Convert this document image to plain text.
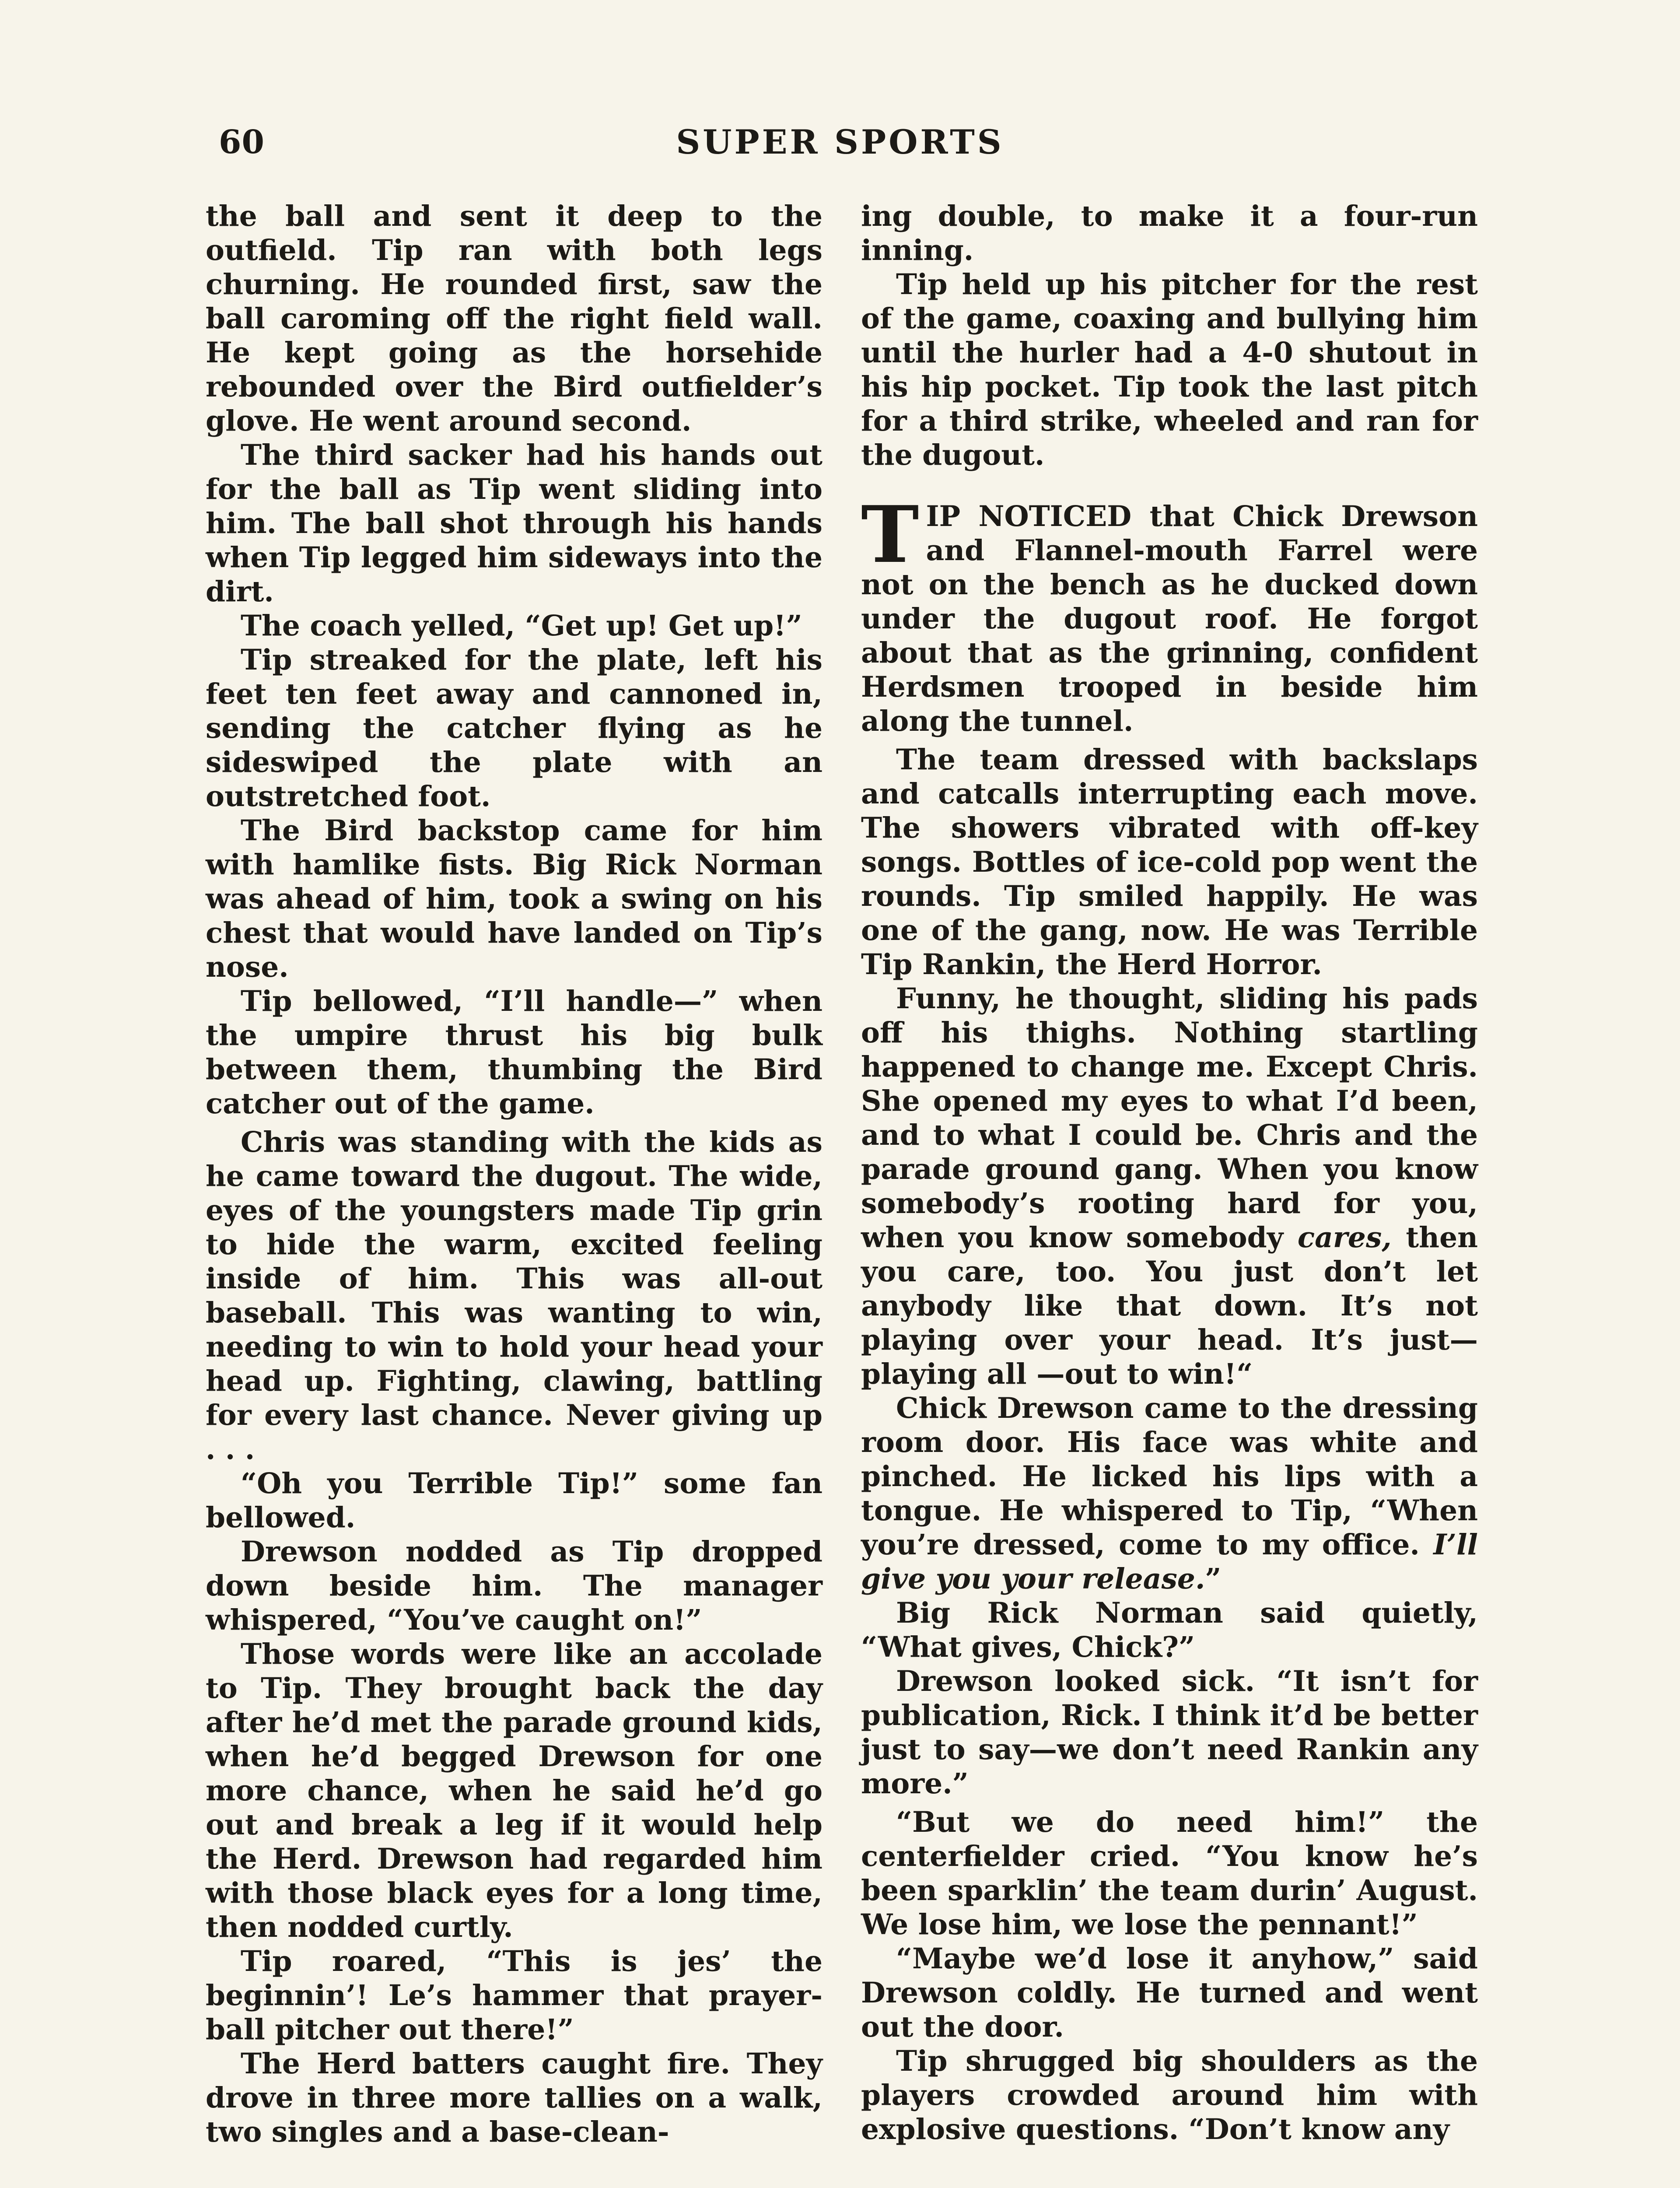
60	SUPER SPORTS

the ball and sent it deep to the outfield. Tip ran with both legs churning. He rounded first, saw the ball caroming off the right field wall. He kept going as the horsehide rebounded over the Bird outfielder’s glove. He went around second.

The third sacker had his hands out for the ball as Tip went sliding into him. The ball shot through his hands when Tip legged him sideways into the dirt.

The coach yelled, “Get up! Get up!”

Tip streaked for the plate, left his feet ten feet away and cannoned in, sending the catcher flying as he sideswiped the plate with an outstretched foot.

The Bird backstop came for him with hamlike fists. Big Rick Norman was ahead of him, took a swing on his chest that would have landed on Tip’s nose.

Tip bellowed, “I’ll handle—” when the umpire thrust his big bulk between them, thumbing the Bird catcher out of the game.

Chris was standing with the kids as he came toward the dugout. The wide, eyes of the youngsters made Tip grin to hide the warm, excited feeling inside of him. This was all-out baseball. This was wanting to win, needing to win to hold your head your head up. Fighting, clawing, battling for every last chance. Never giving up . . .

“Oh you Terrible Tip!” some fan bellowed.

Drewson nodded as Tip dropped down beside him. The manager whispered, “You’ve caught on!”

Those words were like an accolade to Tip. They brought back the day after he’d met the parade ground kids, when he’d begged Drewson for one more chance, when he said he’d go out and break a leg if it would help the Herd. Drewson had regarded him with those black eyes for a long time, then nodded curtly.

Tip roared, “This is jes’ the beginnin’! Le’s hammer that prayer-ball pitcher out there!”

The Herd batters caught fire. They drove in three more tallies on a walk, two singles and a base-clean-

ing double, to make it a four-run inning.

Tip held up his pitcher for the rest of the game, coaxing and bullying him until the hurler had a 4-0 shutout in his hip pocket. Tip took the last pitch for a third strike, wheeled and ran for the dugout.

TIP NOTICED that Chick Drewson and Flannel-mouth Farrel were not on the bench as he ducked down under the dugout roof. He forgot about that as the grinning, confident Herdsmen trooped in beside him along the tunnel.

The team dressed with backslaps and catcalls interrupting each move. The showers vibrated with off-key songs. Bottles of ice-cold pop went the rounds. Tip smiled happily. He was one of the gang, now. He was Terrible Tip Rankin, the Herd Horror.

Funny, he thought, sliding his pads off his thighs. Nothing startling happened to change me. Except Chris. She opened my eyes to what I’d been, and to what I could be. Chris and the parade ground gang. When you know somebody’s rooting hard for you, when you know somebody cares, then you care, too. You just don’t let anybody like that down. It’s not playing over your head. It’s just—playing all —out to win!“

Chick Drewson came to the dressing room door. His face was white and pinched. He licked his lips with a tongue. He whispered to Tip, “When you’re dressed, come to my office. I’ll give you your release.”

Big Rick Norman said quietly, “What gives, Chick?”

Drewson looked sick. “It isn’t for publication, Rick. I think it’d be better just to say—we don’t need Rankin any more.”

“But we do need him!” the centerfielder cried. “You know he’s been sparklin’ the team durin’ August. We lose him, we lose the pennant!”

“Maybe we’d lose it anyhow,” said Drewson coldly. He turned and went out the door.

Tip shrugged big shoulders as the players crowded around him with explosive questions. “Don’t know any
